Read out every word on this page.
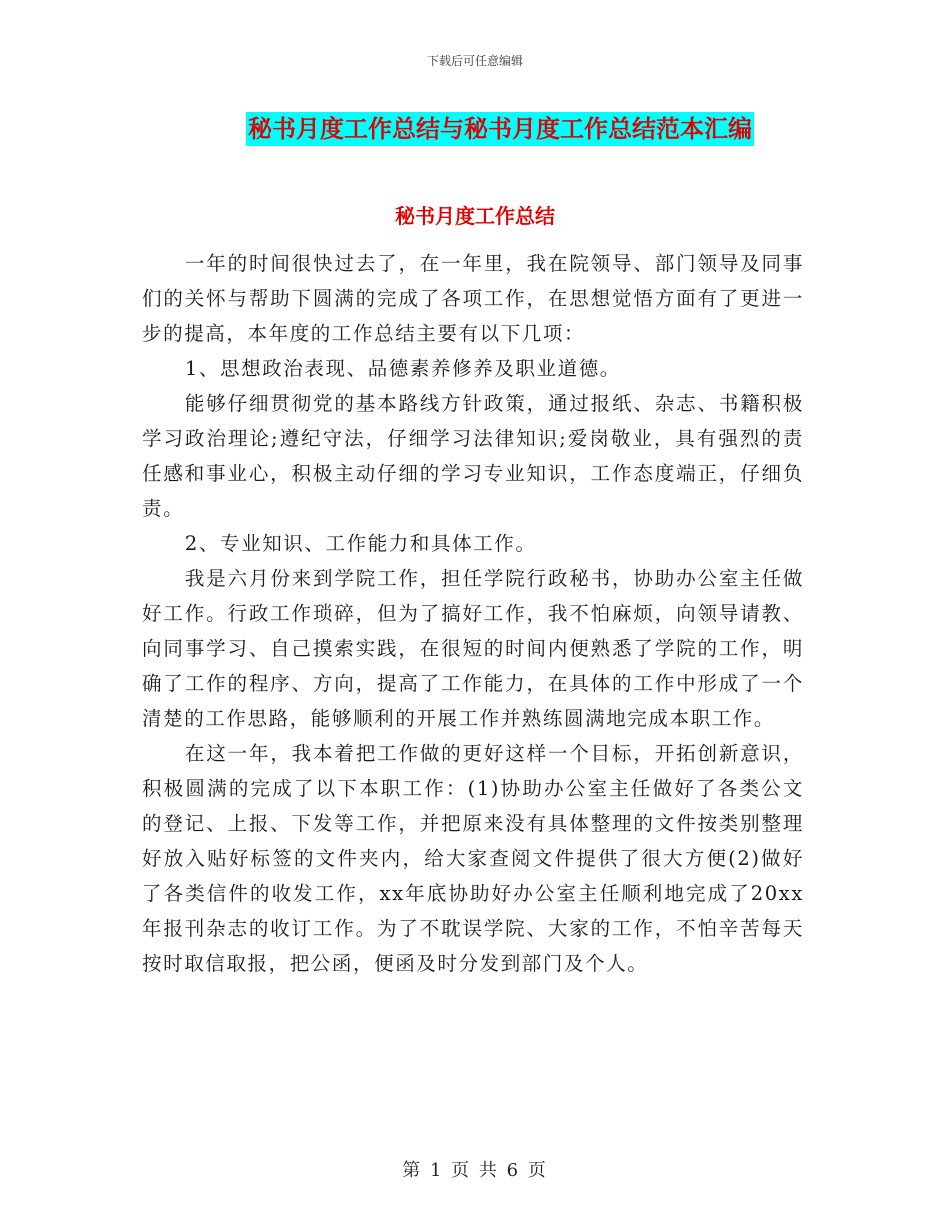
下载后可任意编辑
秘书月度工作总结与秘书月度工作总结范本汇编
秘书月度工作总结

一年的时间很快过去了，在一年里，我在院领导、部门领导及同事们的关怀与帮助下圆满的完成了各项工作，在思想觉悟方面有了更进一步的提高，本年度的工作总结主要有以下几项：

1、思想政治表现、品德素养修养及职业道德。

能够仔细贯彻党的基本路线方针政策，通过报纸、杂志、书籍积极学习政治理论;遵纪守法，仔细学习法律知识;爱岗敬业，具有强烈的责任感和事业心，积极主动仔细的学习专业知识，工作态度端正，仔细负责。

2、专业知识、工作能力和具体工作。

我是六月份来到学院工作，担任学院行政秘书，协助办公室主任做好工作。行政工作琐碎，但为了搞好工作，我不怕麻烦，向领导请教、向同事学习、自己摸索实践，在很短的时间内便熟悉了学院的工作，明确了工作的程序、方向，提高了工作能力，在具体的工作中形成了一个清楚的工作思路，能够顺利的开展工作并熟练圆满地完成本职工作。

在这一年，我本着把工作做的更好这样一个目标，开拓创新意识，积极圆满的完成了以下本职工作：(1)协助办公室主任做好了各类公文的登记、上报、下发等工作，并把原来没有具体整理的文件按类别整理好放入贴好标签的文件夹内，给大家查阅文件提供了很大方便(2)做好了各类信件的收发工作，xx年底协助好办公室主任顺利地完成了20xx年报刊杂志的收订工作。为了不耽误学院、大家的工作，不怕辛苦每天按时取信取报，把公函，便函及时分发到部门及个人。

第 1 页 共 6 页
